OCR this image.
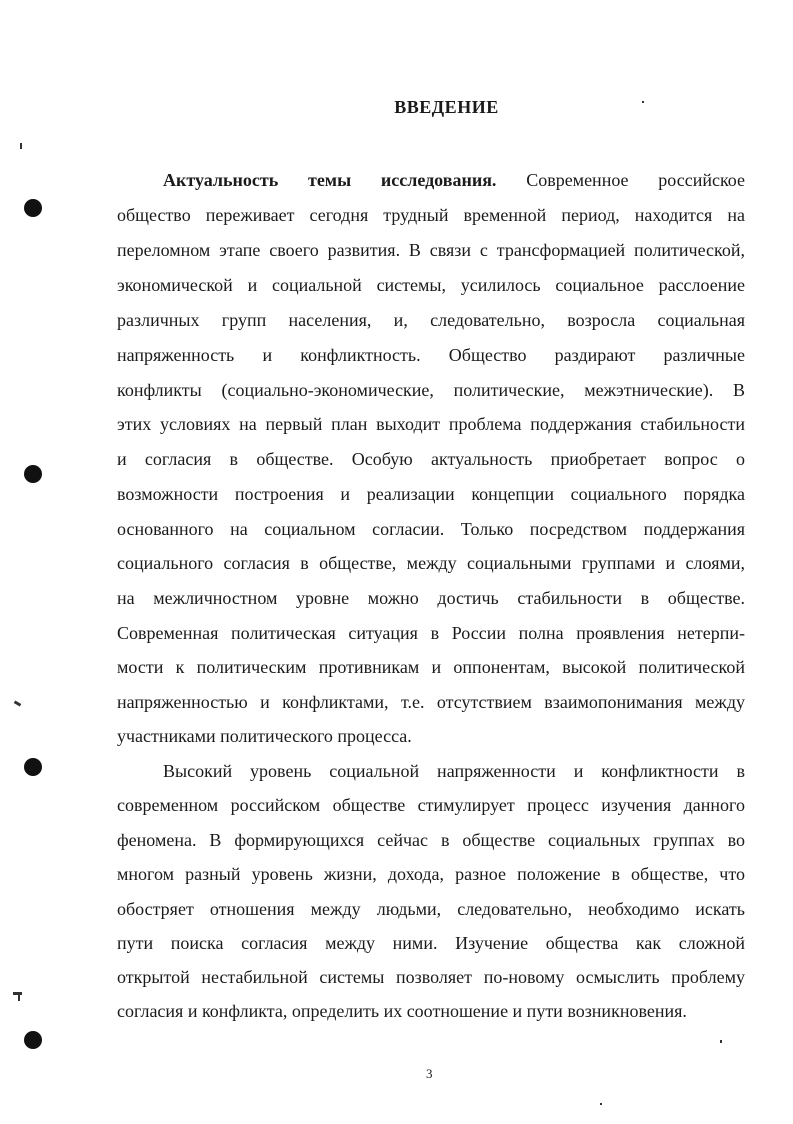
ВВЕДЕНИЕ
Актуальность темы исследования. Современное российское
общество переживает сегодня трудный временной период, находится на
переломном этапе своего развития. В связи с трансформацией политической,
экономической и социальной системы, усилилось социальное расслоение
различных групп населения, и, следовательно, возросла социальная
напряженность и конфликтность. Общество раздирают различные
конфликты (социально-экономические, политические, межэтнические). В
этих условиях на первый план выходит проблема поддержания стабильности
и согласия в обществе. Особую актуальность приобретает вопрос о
возможности построения и реализации концепции социального порядка
основанного на социальном согласии. Только посредством поддержания
социального согласия в обществе, между социальными группами и слоями,
на межличностном уровне можно достичь стабильности в обществе.
Современная политическая ситуация в России полна проявления нетерпи-
мости к политическим противникам и оппонентам, высокой политической
напряженностью и конфликтами, т.е. отсутствием взаимопонимания между
участниками политического процесса.
Высокий уровень социальной напряженности и конфликтности в
современном российском обществе стимулирует процесс изучения данного
феномена. В формирующихся сейчас в обществе социальных группах во
многом разный уровень жизни, дохода, разное положение в обществе, что
обостряет отношения между людьми, следовательно, необходимо искать
пути поиска согласия между ними. Изучение общества как сложной
открытой нестабильной системы позволяет по-новому осмыслить проблему
согласия и конфликта, определить их соотношение и пути возникновения.
3
